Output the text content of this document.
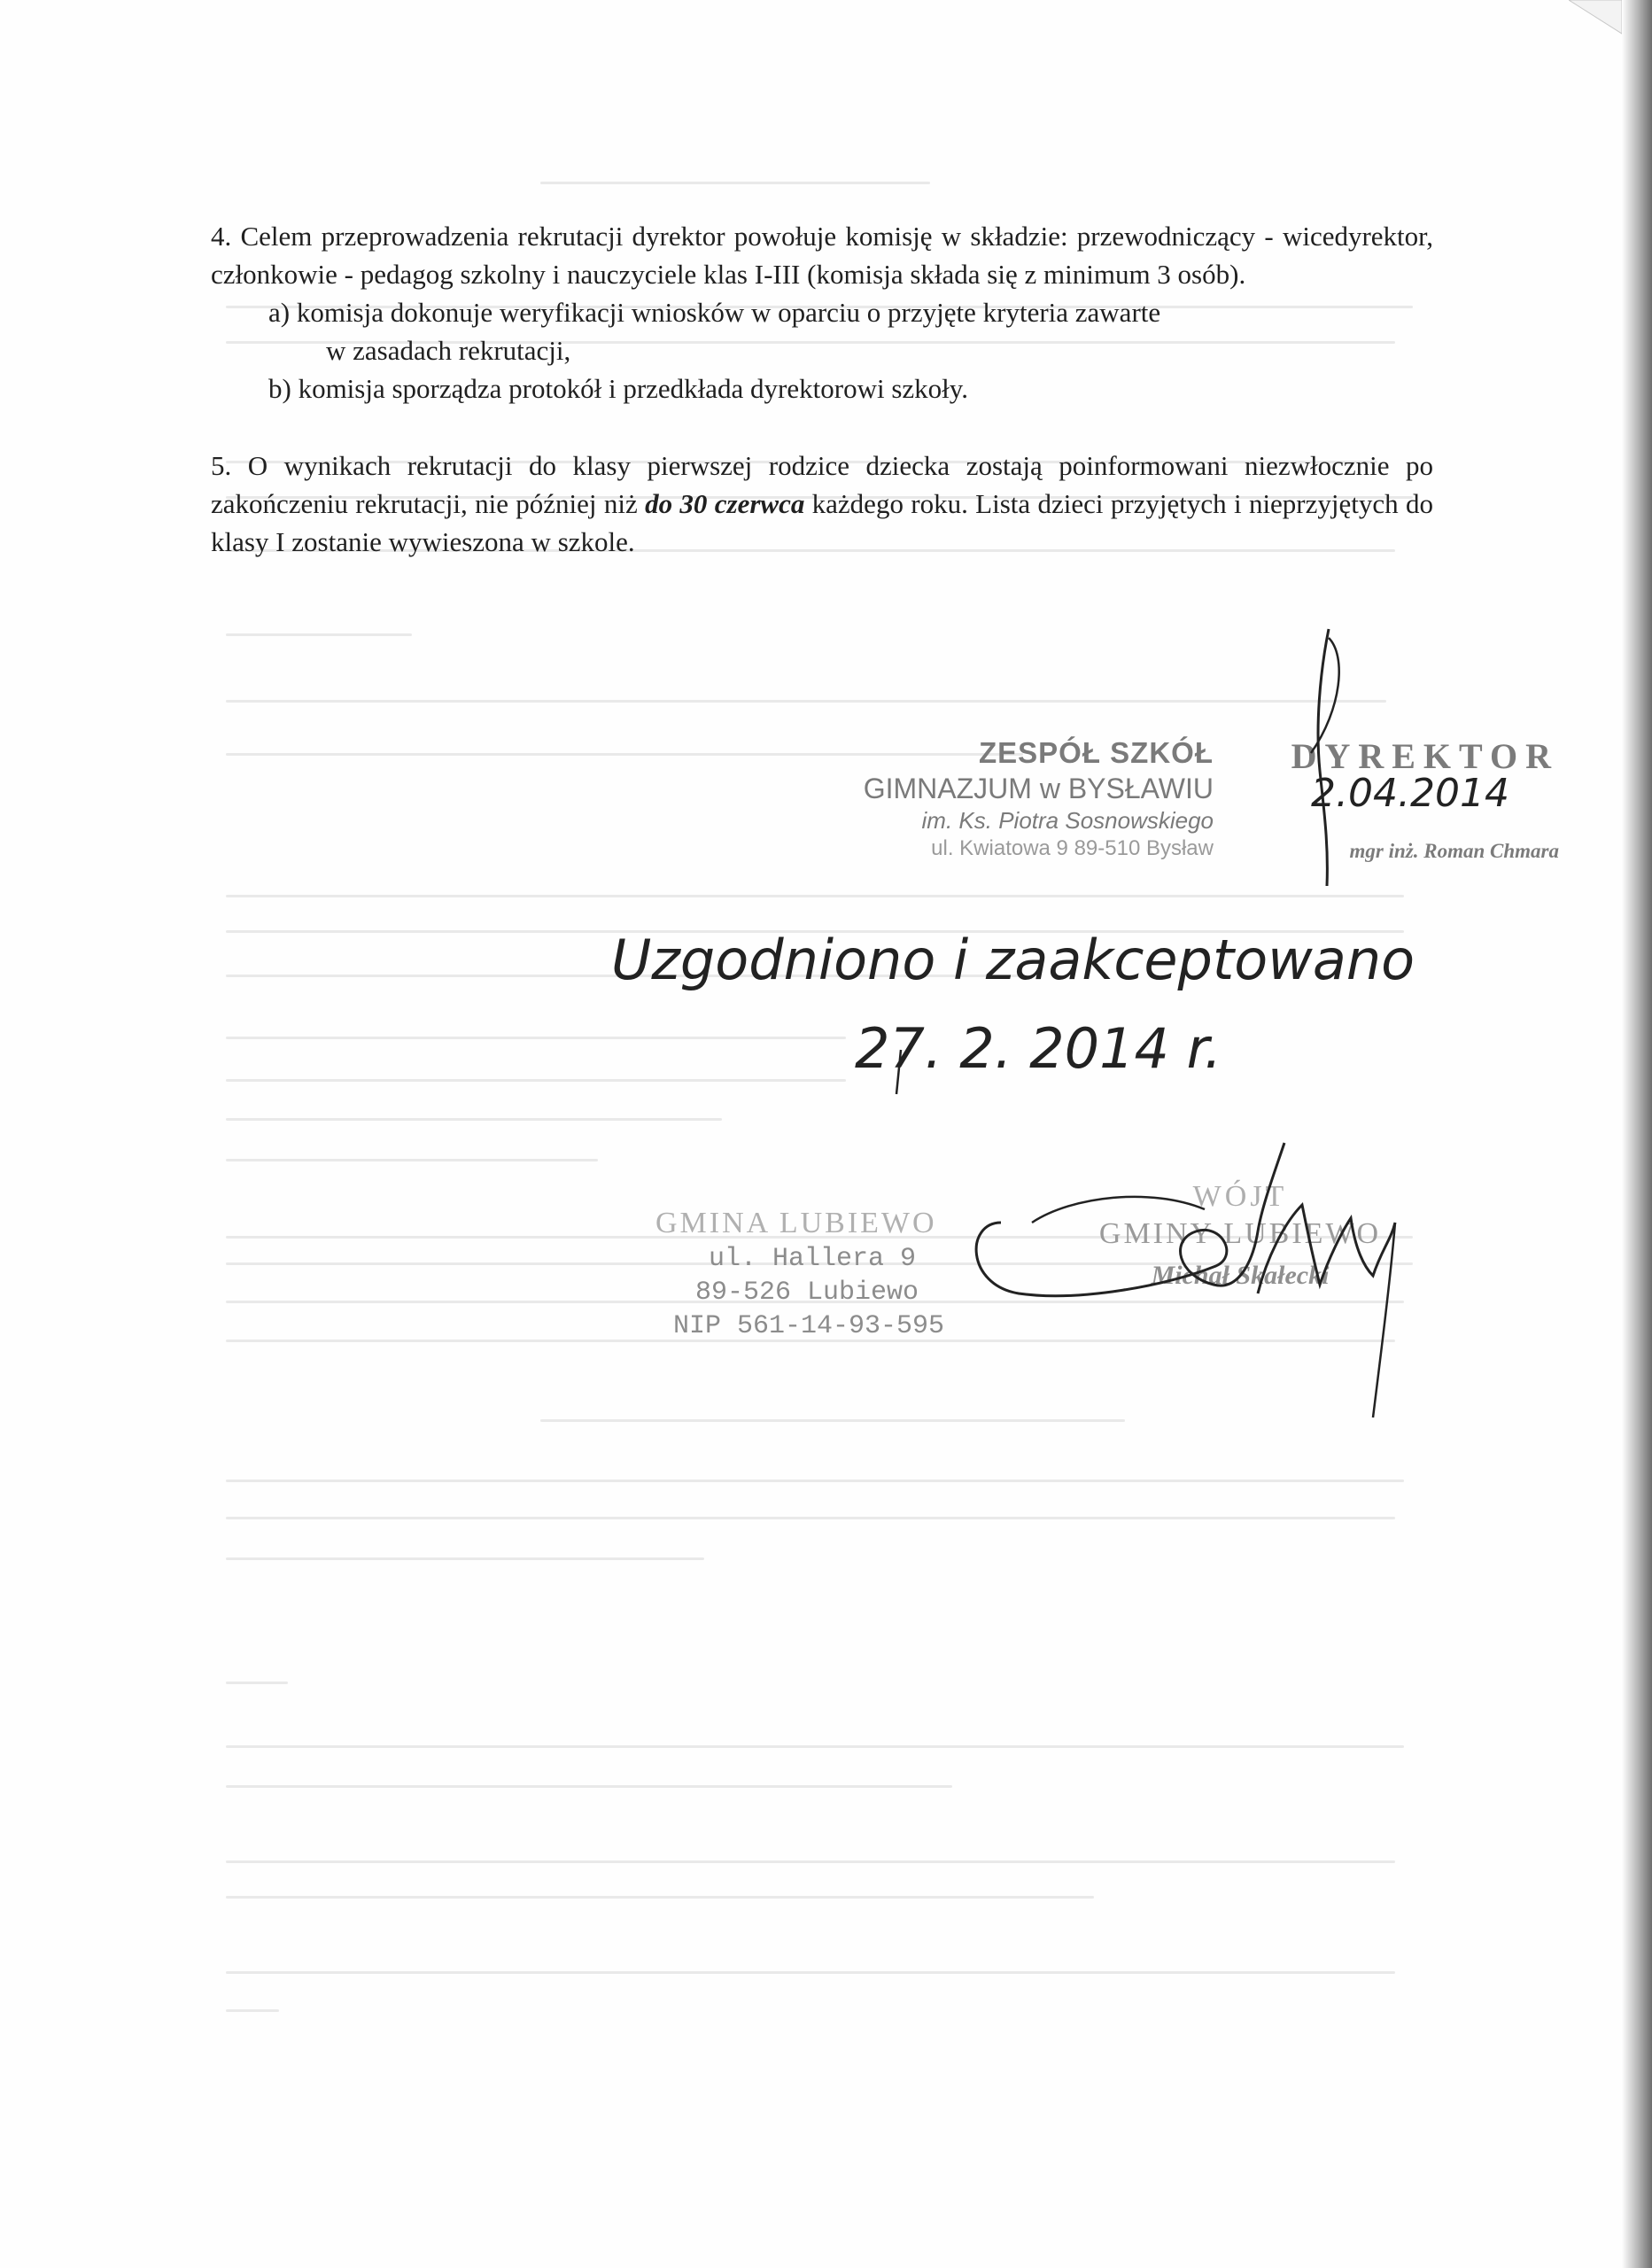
4. Celem przeprowadzenia rekrutacji dyrektor powołuje komisję w składzie: przewodniczący - wicedyrektor, członkowie - pedagog szkolny i nauczyciele klas I-III (komisja składa się z minimum 3 osób).

a) komisja dokonuje weryfikacji wniosków w oparciu o przyjęte kryteria zawarte

w zasadach rekrutacji,

b) komisja sporządza protokół i przedkłada dyrektorowi szkoły.

5. O wynikach rekrutacji do klasy pierwszej rodzice dziecka zostają poinformowani niezwłocznie po zakończeniu rekrutacji, nie później niż do 30 czerwca każdego roku. Lista dzieci przyjętych i nieprzyjętych do klasy I zostanie wywieszona w szkole.

ZESPÓŁ SZKÓŁ
GIMNAZJUM w BYSŁAWIU
im. Ks. Piotra Sosnowskiego
ul. Kwiatowa 9 89-510 Bysław
DYREKTOR
mgr inż. Roman Chmara
2.04.2014
Uzgodniono i zaakceptowano
27. 2. 2014 r.
GMINA LUBIEWO
ul. Hallera 9
89-526 Lubiewo
NIP 561-14-93-595
WÓJT
GMINY LUBIEWO
Michał Skałecki
